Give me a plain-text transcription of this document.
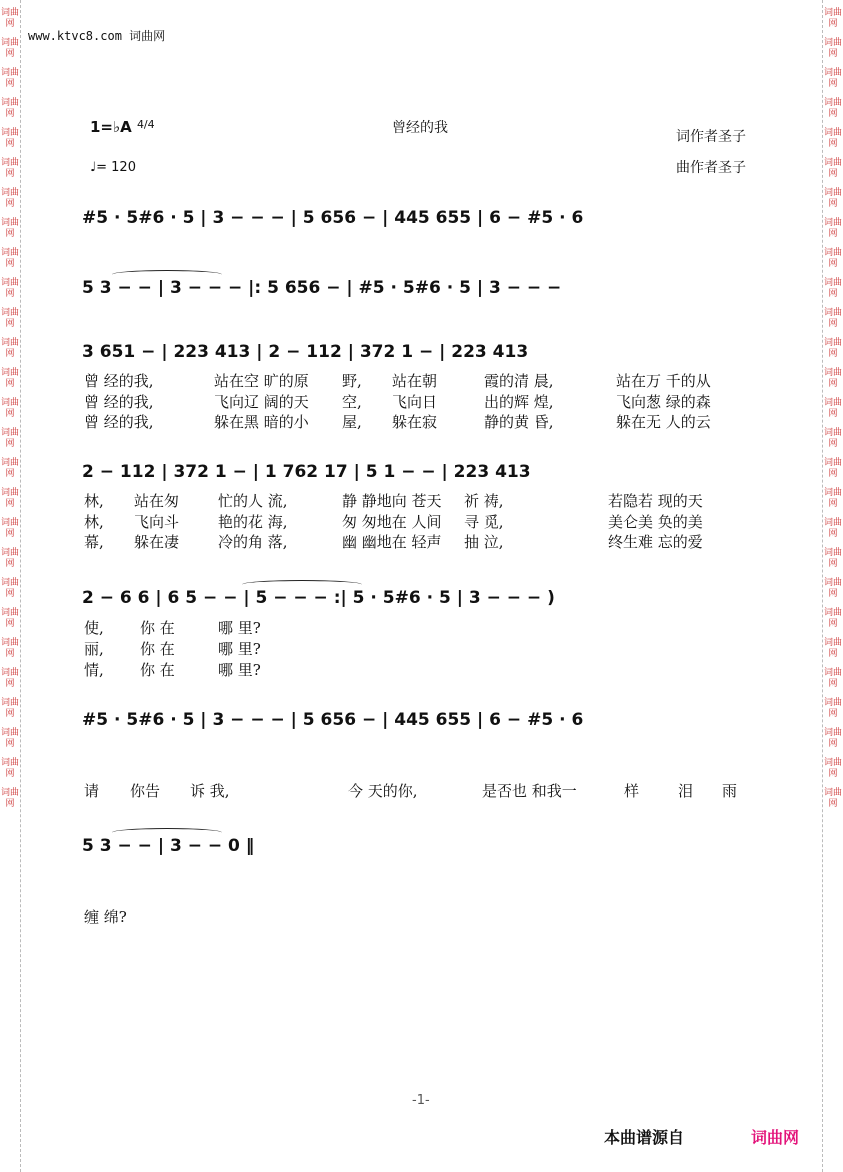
词曲网
词曲网
词曲网
词曲网
词曲网
词曲网
词曲网
词曲网
词曲网
词曲网
词曲网
词曲网
词曲网
词曲网
词曲网
词曲网
词曲网
词曲网
词曲网
词曲网
词曲网
词曲网
词曲网
词曲网
词曲网
词曲网
词曲网
词曲网
词曲网
词曲网
词曲网
词曲网
词曲网
词曲网
词曲网
词曲网
词曲网
词曲网
词曲网
词曲网
词曲网
词曲网
词曲网
词曲网
词曲网
词曲网
词曲网
词曲网
词曲网
词曲网
词曲网
词曲网
词曲网
词曲网
www.ktvc8.com 词曲网
曾经的我
1=♭A $^{4/4}$
♩= 120
词作者圣子
曲作者圣子
#5 · 5#6 · 5 | 3 − − − | 5 656 − | 445 655 | 6 − #5 · 6
5 3 − − | 3 − − − |: 5 656 − | #5 · 5#6 · 5 | 3 − − −
3 651 − | 223 413 | 2 − 112 | 372 1 − | 223 413
2 − 112 | 372 1 − | 1 762 17 | 5 1 − − | 223 413
2 − 6 6 | 6 5 − − | 5 − − − :| 5 · 5#6 · 5 | 3 − − − )
#5 · 5#6 · 5 | 3 − − − | 5 656 − | 445 655 | 6 − #5 · 6
5 3 − − | 3 − − 0 ‖
曾 经的我,	站在空 旷的原 野, 站在朝	霞的清 晨,	站在万 千的从
曾 经的我,	飞向辽 阔的天 空, 飞向日	出的辉 煌,	飞向葱 绿的森
曾 经的我,	躲在黑 暗的小 屋, 躲在寂	静的黄 昏,	躲在无 人的云
林, 站在匆	忙的人 流,	静 静地向 苍天 祈 祷,	若隐若 现的天
林, 飞向斗	艳的花 海,	匆 匆地在 人间 寻 觅,	美仑美 奂的美
幕, 躲在凄	冷的角 落,	幽 幽地在 轻声 抽 泣,	终生难 忘的爱
使, 你 在	哪 里?
丽, 你 在	哪 里?
情, 你 在	哪 里?
请 你告 诉 我,	今 天的你,	是否也 和我一	样	泪 雨
缠 绵?
-1-
本曲谱源自	词曲网
